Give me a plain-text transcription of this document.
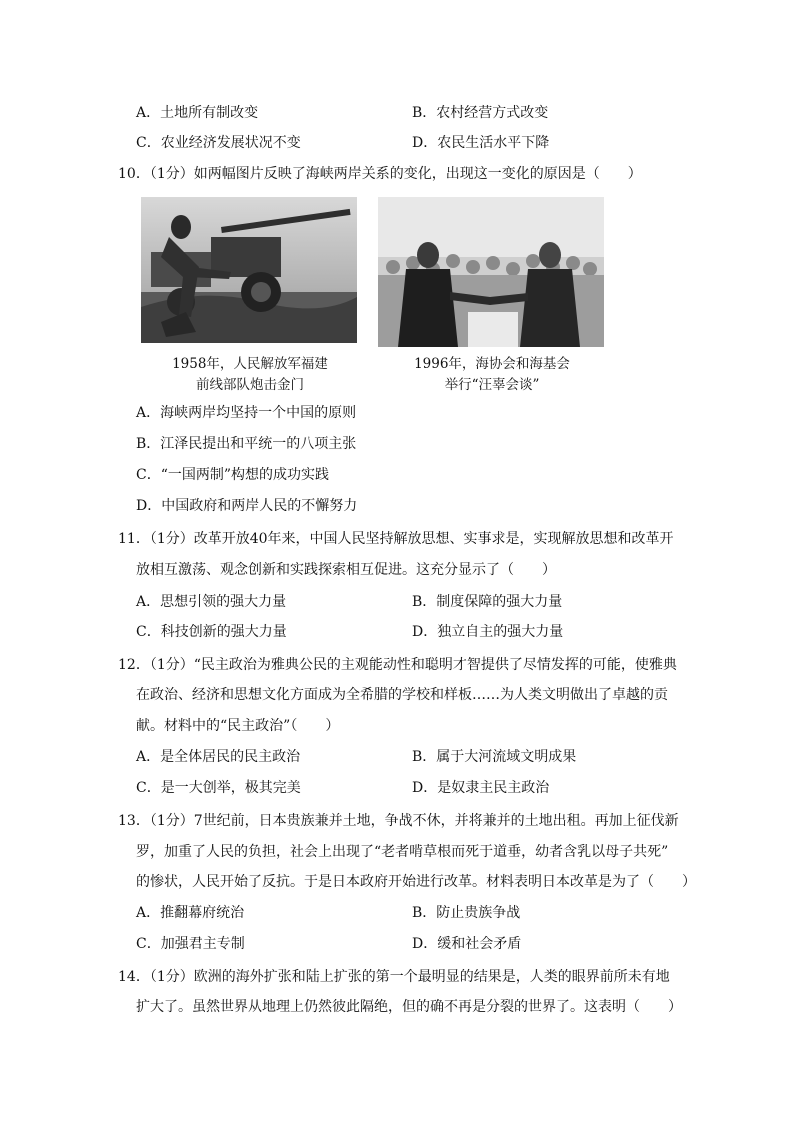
A．土地所有制改变	B．农村经营方式改变
C．农业经济发展状况不变	D．农民生活水平下降
10．（1分）如两幅图片反映了海峡两岸关系的变化，出现这一变化的原因是（　　）
1958年，人民解放军福建
前线部队炮击金门
1996年，海协会和海基会
举行“汪辜会谈”
A．海峡两岸均坚持一个中国的原则
B．江泽民提出和平统一的八项主张
C．“一国两制”构想的成功实践
D．中国政府和两岸人民的不懈努力
11．（1分）改革开放40年来，中国人民坚持解放思想、实事求是，实现解放思想和改革开
放相互激荡、观念创新和实践探索相互促进。这充分显示了（　　）
A．思想引领的强大力量	B．制度保障的强大力量
C．科技创新的强大力量	D．独立自主的强大力量
12．（1分）“民主政治为雅典公民的主观能动性和聪明才智提供了尽情发挥的可能，使雅典
在政治、经济和思想文化方面成为全希腊的学校和样板……为人类文明做出了卓越的贡
献。材料中的“民主政治”（　　）
A．是全体居民的民主政治	B．属于大河流域文明成果
C．是一大创举，极其完美	D．是奴隶主民主政治
13．（1分）7世纪前，日本贵族兼并土地，争战不休，并将兼并的土地出租。再加上征伐新
罗，加重了人民的负担，社会上出现了“老者啃草根而死于道垂，幼者含乳以母子共死”
的惨状，人民开始了反抗。于是日本政府开始进行改革。材料表明日本改革是为了（　　）
A．推翻幕府统治	B．防止贵族争战
C．加强君主专制	D．缓和社会矛盾
14．（1分）欧洲的海外扩张和陆上扩张的第一个最明显的结果是，人类的眼界前所未有地
扩大了。虽然世界从地理上仍然彼此隔绝，但的确不再是分裂的世界了。这表明（　　）
